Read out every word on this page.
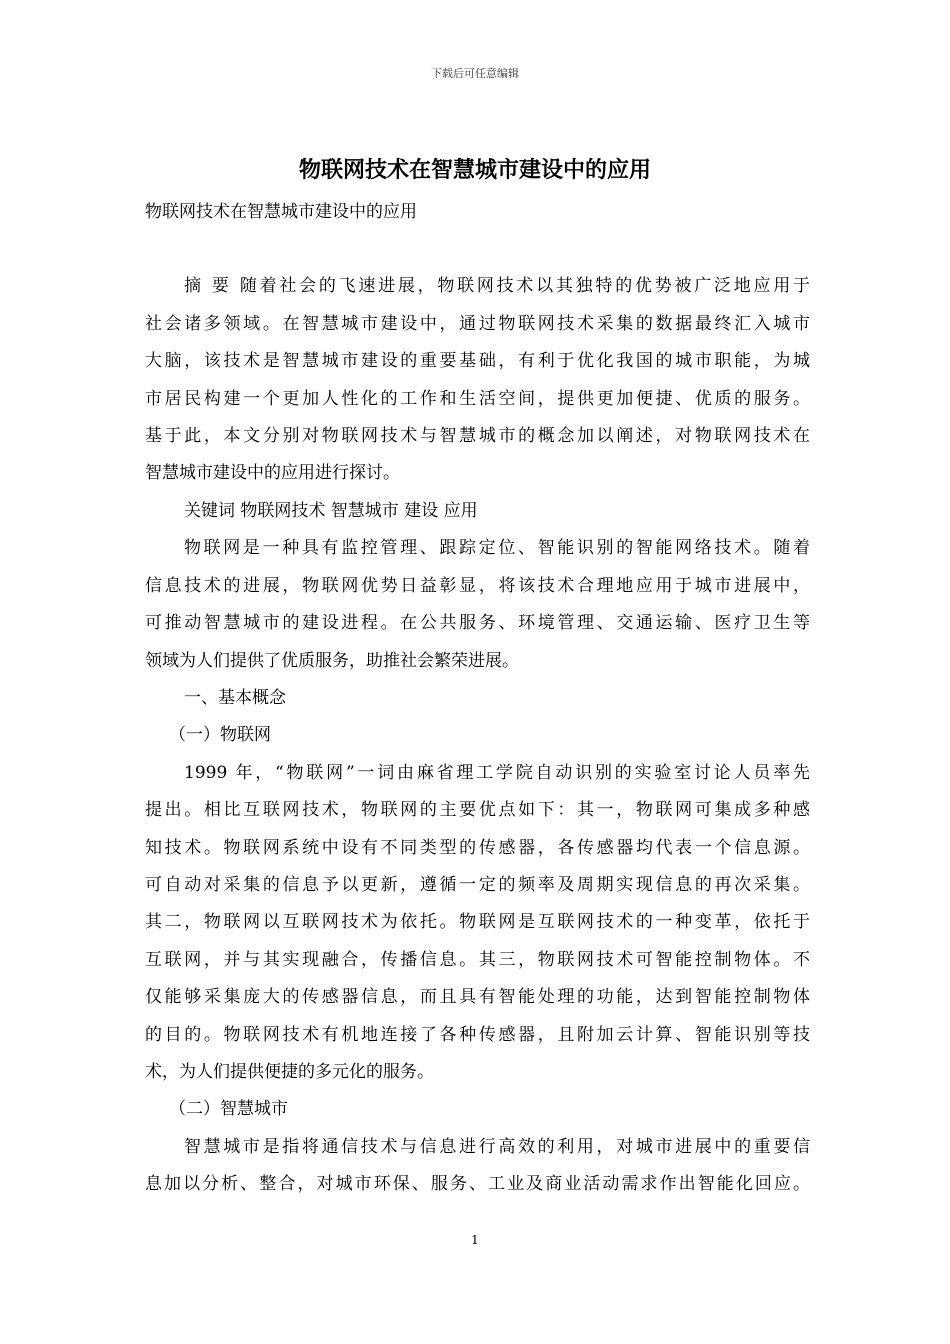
下载后可任意编辑
物联网技术在智慧城市建设中的应用
物联网技术在智慧城市建设中的应用
摘 要 随着社会的飞速进展，物联网技术以其独特的优势被广泛地应用于
社会诸多领域。在智慧城市建设中，通过物联网技术采集的数据最终汇入城市
大脑，该技术是智慧城市建设的重要基础，有利于优化我国的城市职能，为城
市居民构建一个更加人性化的工作和生活空间，提供更加便捷、优质的服务。
基于此，本文分别对物联网技术与智慧城市的概念加以阐述，对物联网技术在
智慧城市建设中的应用进行探讨。
关键词 物联网技术 智慧城市 建设 应用
物联网是一种具有监控管理、跟踪定位、智能识别的智能网络技术。随着
信息技术的进展，物联网优势日益彰显，将该技术合理地应用于城市进展中，
可推动智慧城市的建设进程。在公共服务、环境管理、交通运输、医疗卫生等
领域为人们提供了优质服务，助推社会繁荣进展。
一、基本概念
（一）物联网
1999 年，“物联网”一词由麻省理工学院自动识别的实验室讨论人员率先
提出。相比互联网技术，物联网的主要优点如下：其一，物联网可集成多种感
知技术。物联网系统中设有不同类型的传感器，各传感器均代表一个信息源。
可自动对采集的信息予以更新，遵循一定的频率及周期实现信息的再次采集。
其二，物联网以互联网技术为依托。物联网是互联网技术的一种变革，依托于
互联网，并与其实现融合，传播信息。其三，物联网技术可智能控制物体。不
仅能够采集庞大的传感器信息，而且具有智能处理的功能，达到智能控制物体
的目的。物联网技术有机地连接了各种传感器，且附加云计算、智能识别等技
术，为人们提供便捷的多元化的服务。
（二）智慧城市
智慧城市是指将通信技术与信息进行高效的利用，对城市进展中的重要信
息加以分析、整合，对城市环保、服务、工业及商业活动需求作出智能化回应。
1
